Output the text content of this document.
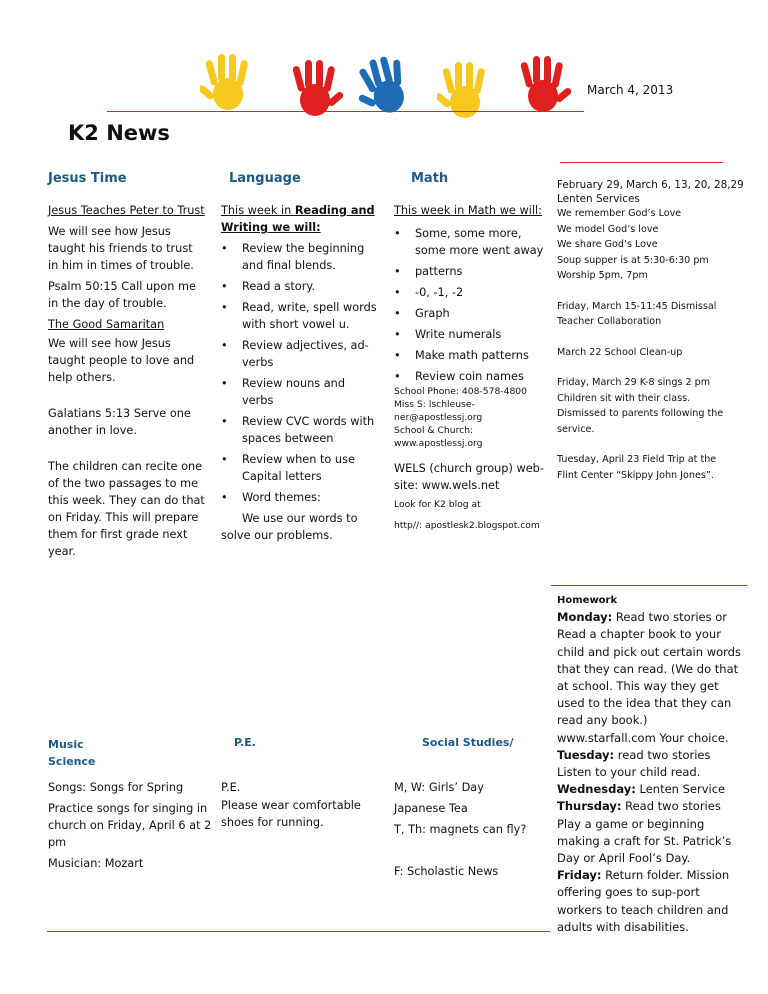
March 4, 2013
K2 News
Jesus Time	Language	Math

Jesus Teaches Peter to Trust

We will see how Jesus taught his friends to trust in him in times of trouble.

Psalm 50:15 Call upon me in the day of trouble.

The Good Samaritan

We will see how Jesus taught people to love and help others.

Galatians 5:13 Serve one another in love.

The children can recite one of the two passages to me this week. They can do that on Friday. This will prepare them for first grade next year.

This week in Reading and Writing we will:

• Review the beginning and final blends.
• Read a story.
• Read, write, spell words with short vowel u.
• Review adjectives, ad-verbs
• Review nouns and verbs
• Review CVC words with spaces between
• Review when to use Capital letters
• Word themes:

We use our words to solve our problems.

This week in Math we will:

• Some, some more, some more went away
• patterns
• -0, -1, -2
• Graph
• Write numerals
• Make math patterns
• Review coin names
School Phone: 408-578-4800
Miss S: lschleuse-
ner@apostlessj.org
School & Church:
www.apostlessj.org

WELS (church group) web-site: www.wels.net

Look for K2 blog at

http//: apostlesk2.blogspot.com

February 29, March 6, 13, 20, 28,29
Lenten Services
We remember God’s Love
We model God’s love
We share God’s Love
Soup supper is at 5:30-6:30 pm
Worship 5pm, 7pm
Friday, March 15-11:45 Dismissal Teacher Collaboration
March 22 School Clean-up
Friday, March 29 K-8 sings 2 pm Children sit with their class. Dismissed to parents following the service.
Tuesday, April 23 Field Trip at the Flint Center “Skippy John Jones”.
Homework
Monday: Read two stories or Read a chapter book to your child and pick out certain words that they can read. (We do that at school. This way they get used to the idea that they can read any book.) www.starfall.com Your choice.
Tuesday: read two stories Listen to your child read.
Wednesday: Lenten Service
Thursday: Read two stories Play a game or beginning making a craft for St. Patrick’s Day or April Fool’s Day.
Friday: Return folder. Mission offering goes to sup-port workers to teach children and adults with disabilities.
Music
Science
P.E.	Social Studies/

Songs: Songs for Spring

Practice songs for singing in church on Friday, April 6 at 2 pm

Musician: Mozart

P.E.

Please wear comfortable shoes for running.

M, W: Girls’ Day

Japanese Tea

T, Th: magnets can fly?

F: Scholastic News
